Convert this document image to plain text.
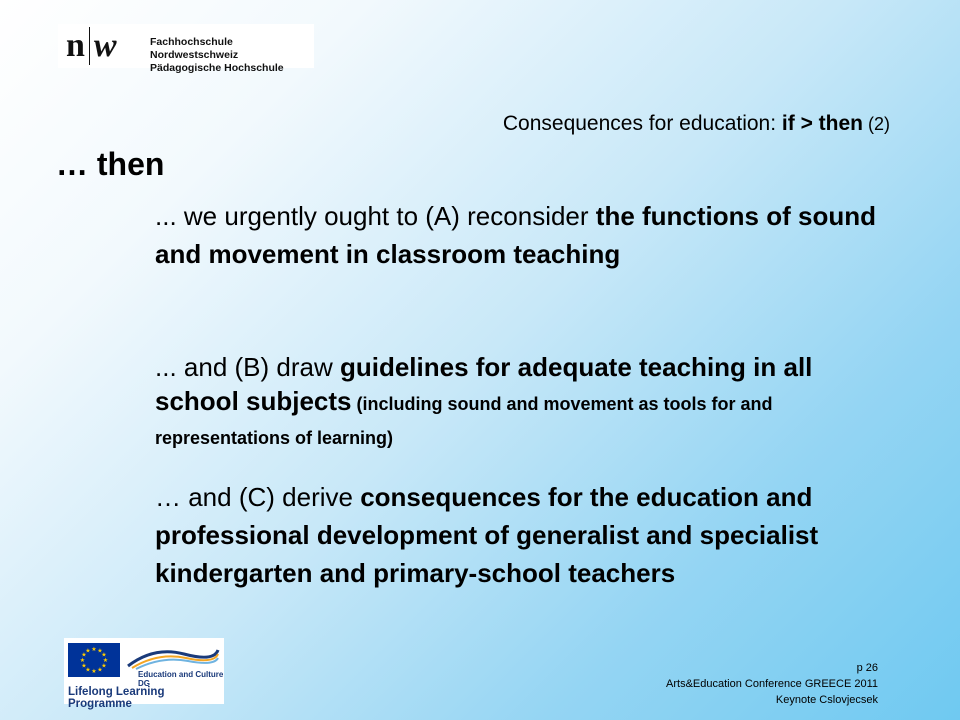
n w	Fachhochschule Nordwestschweiz
Pädagogische Hochschule
Consequences for education: if > then (2)
… then
... we urgently ought to (A) reconsider the functions of sound and movement in classroom teaching
... and (B) draw guidelines for adequate teaching in all school subjects (including sound and movement as tools for and representations of learning)
… and (C) derive consequences for the education and professional development of generalist and specialist kindergarten and primary-school teachers
★ ★
★
★
★
★
★
★
★
★
★
★
Education and Culture DG
Lifelong Learning Programme
p 26
Arts&Education Conference GREECE 2011
Keynote Cslovjecsek
